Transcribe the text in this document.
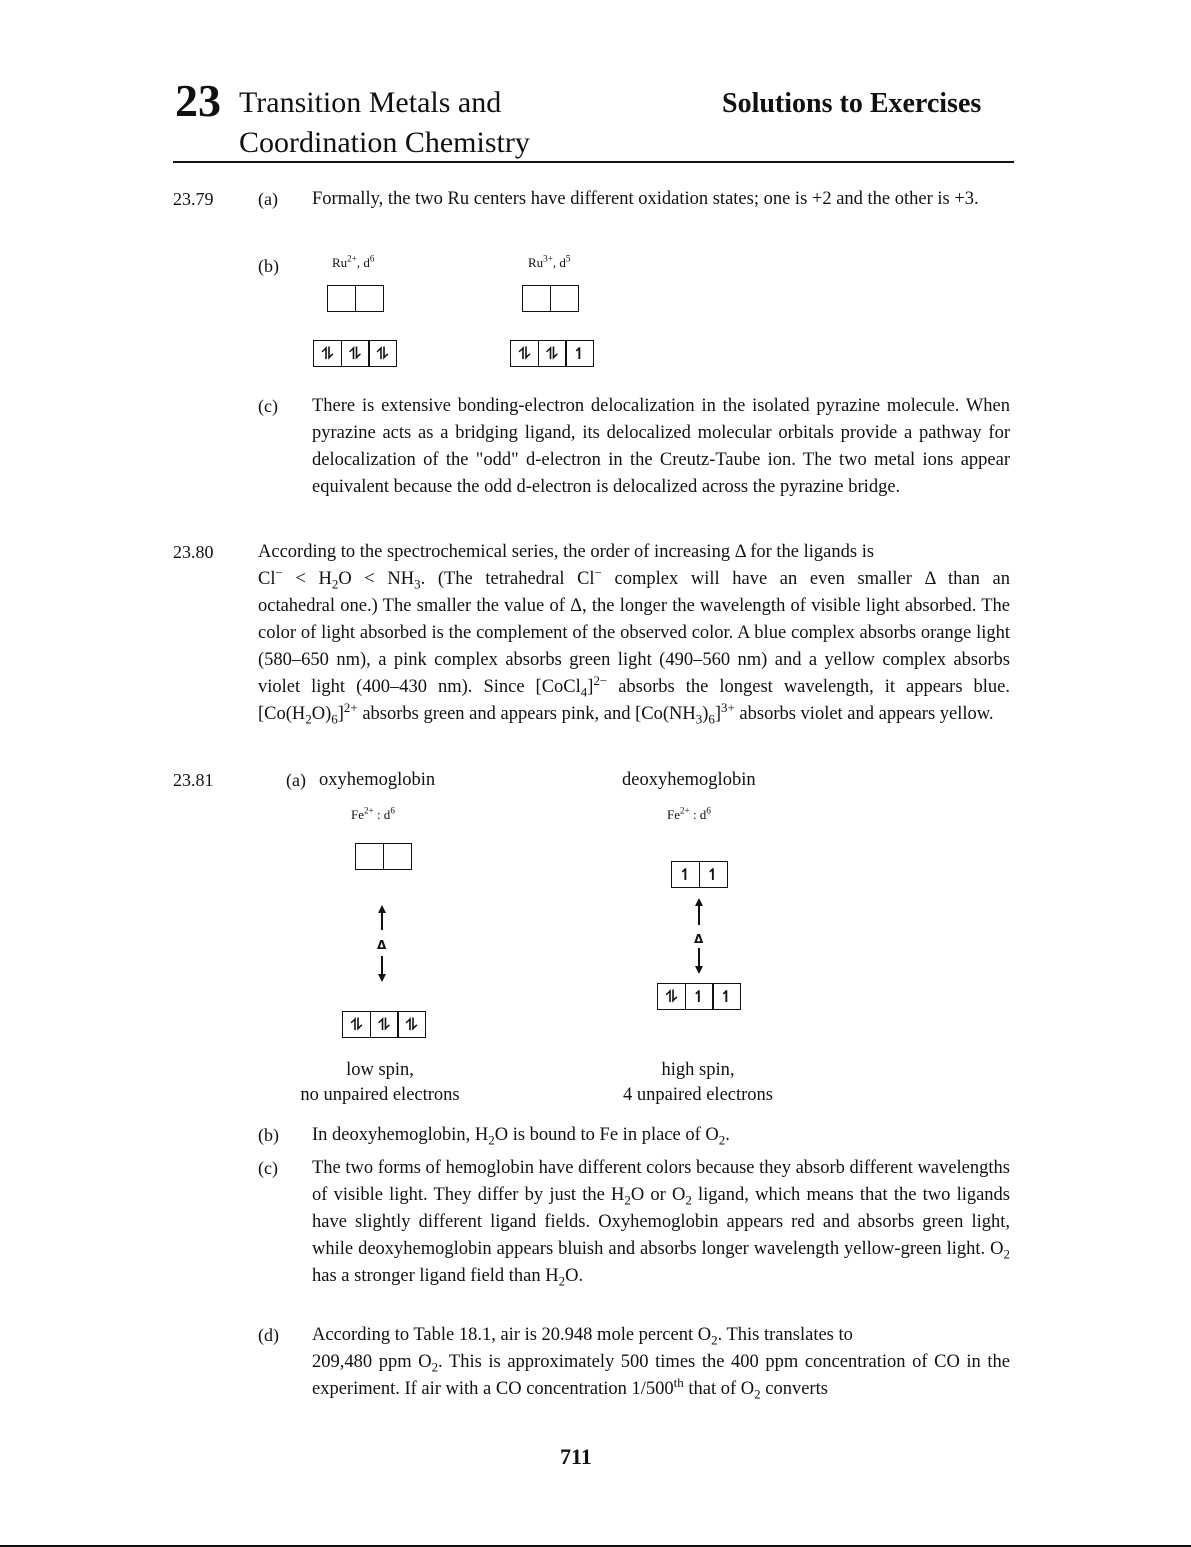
23 Transition Metals and
Coordination Chemistry
Solutions to Exercises
23.79 (a) Formally, the two Ru centers have different oxidation states; one is +2 and the other is +3.
(b)	$Ru^{2+}$, $d^6$
⥮ ⥮ ⥮
$Ru^{3+}$, $d^5$
⥮ ⥮ ↿
(c) There is extensive bonding-electron delocalization in the isolated pyrazine molecule. When pyrazine acts as a bridging ligand, its delocalized molecular orbitals provide a pathway for delocalization of the "odd" d-electron in the Creutz-Taube ion. The two metal ions appear equivalent because the odd d-electron is delocalized across the pyrazine bridge.
23.80 According to the spectrochemical series, the order of increasing Δ for the ligands is
$Cl^- < H_2O < NH_3$. (The tetrahedral Cl− complex will have an even smaller Δ than an
octahedral one.) The smaller the value of Δ, the longer the wavelength of visible light absorbed. The color of light absorbed is the complement of the observed color. A blue complex absorbs orange light (580–650 nm), a pink complex absorbs green light (490–560 nm) and a yellow complex absorbs violet light (400–430 nm). Since [CoCl$_4$]$^{2-}$ absorbs the longest wavelength, it appears blue. $[Co(H_2O)_6]^{2+}$ absorbs green and appears pink, and $[Co(NH_3)_6]^{3+}$ absorbs violet and appears yellow.
23.81	(a) oxyhemoglobin	deoxyhemoglobin
$Fe^{2+}$ : $d^6$
Δ
⥮ ⥮ ⥮
low spin,
no unpaired electrons
$Fe^{2+}$ : $d^6$
↿ ↿
Δ
⥮ ↿ ↿
high spin,
4 unpaired electrons
(b) In deoxyhemoglobin, $H_2O$ is bound to Fe in place of $O_2$.
(c) The two forms of hemoglobin have different colors because they absorb different wavelengths of visible light. They differ by just the $H_2O$ or $O_2$ ligand, which means that the two ligands have slightly different ligand fields. Oxyhemoglobin appears red and absorbs green light, while deoxyhemoglobin appears bluish and absorbs longer wavelength yellow-green light. $O_2$ has a stronger ligand field than $H_2O$.
(d) According to Table 18.1, air is 20.948 mole percent $O_2$. This translates to
209,480 ppm $O_2$. This is approximately 500 times the 400 ppm concentration of CO in the experiment. If air with a CO concentration 1/500th that of $O_2$ converts
711
